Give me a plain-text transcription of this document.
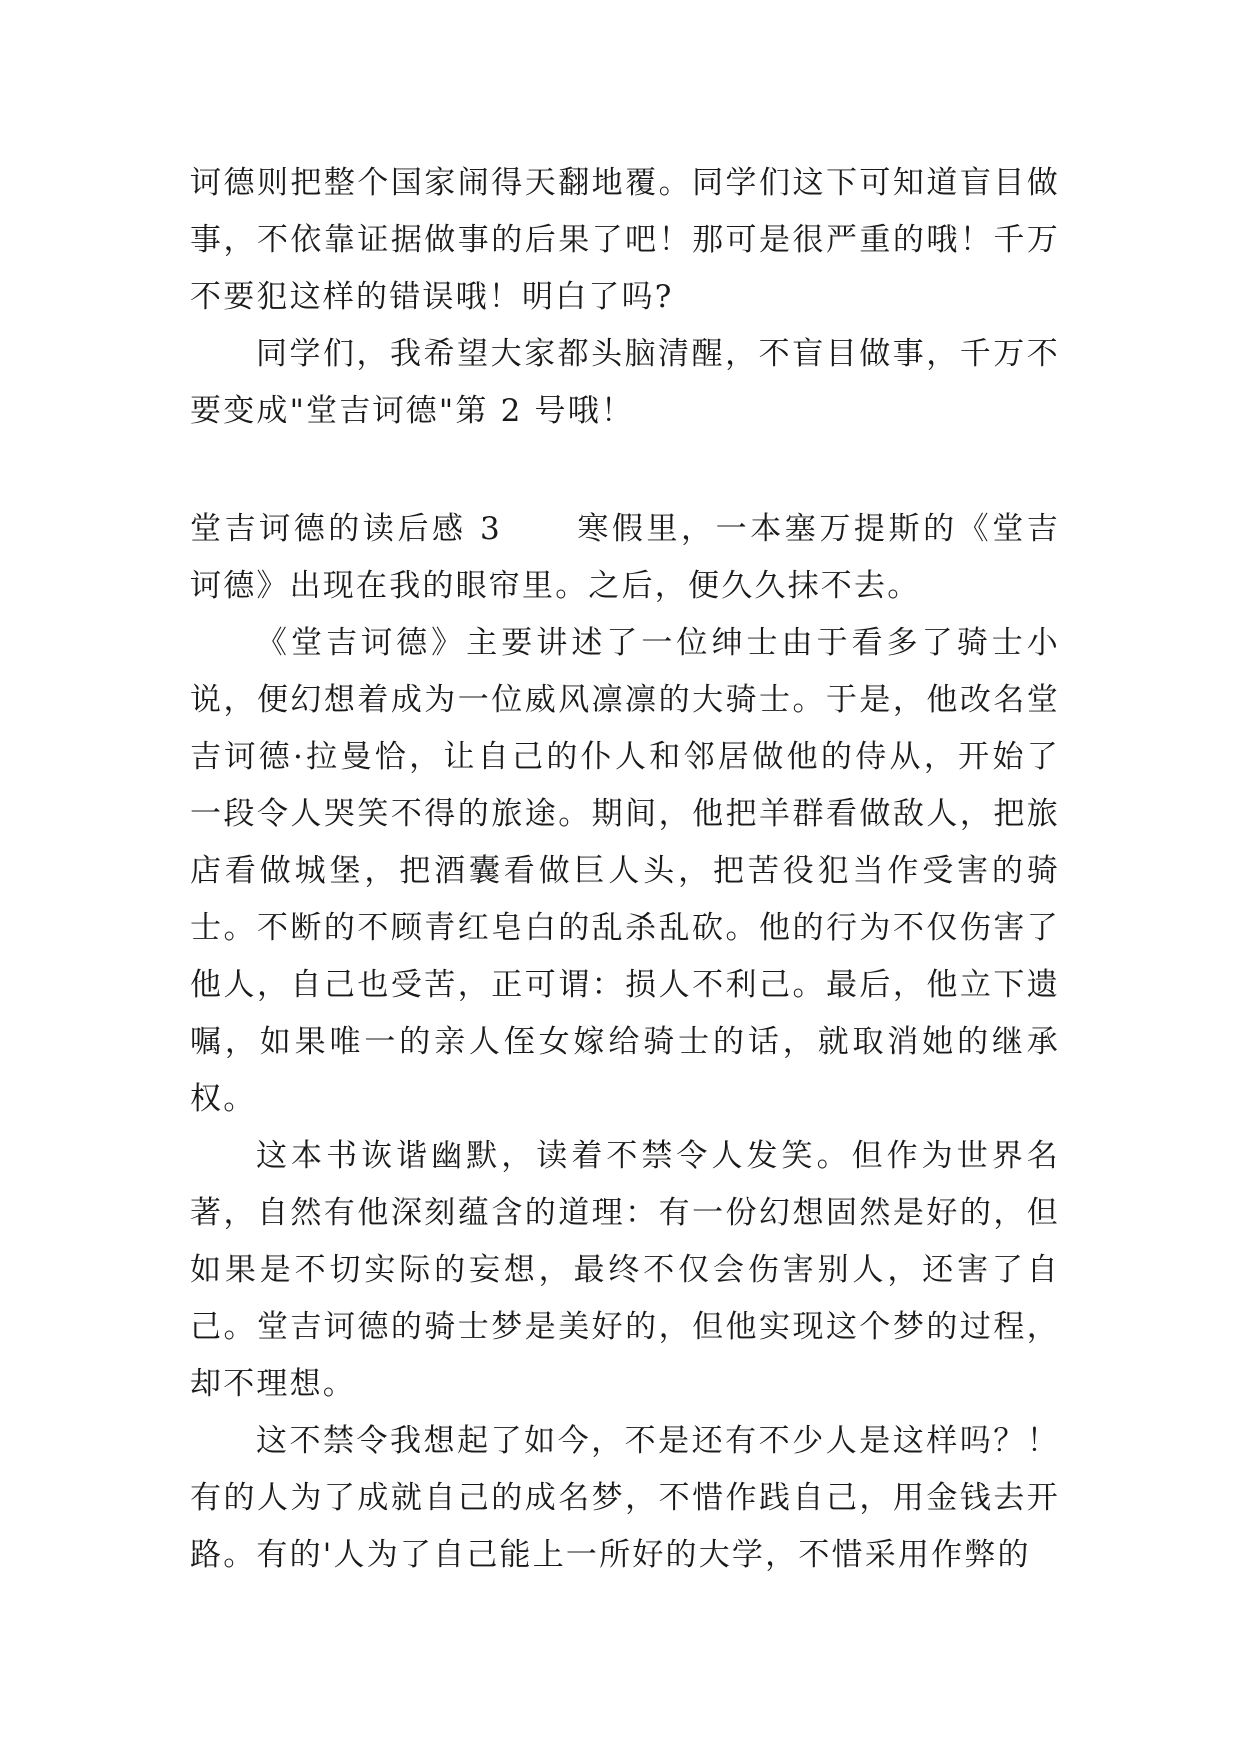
诃德则把整个国家闹得天翻地覆。同学们这下可知道盲目做事，不依靠证据做事的后果了吧！那可是很严重的哦！千万不要犯这样的错误哦！明白了吗?

同学们，我希望大家都头脑清醒，不盲目做事，千万不要变成"堂吉诃德"第 2 号哦！

堂吉诃德的读后感 3 寒假里，一本塞万提斯的《堂吉诃德》出现在我的眼帘里。之后，便久久抹不去。

《堂吉诃德》主要讲述了一位绅士由于看多了骑士小说，便幻想着成为一位威风凛凛的大骑士。于是，他改名堂吉诃德·拉曼恰，让自己的仆人和邻居做他的侍从，开始了一段令人哭笑不得的旅途。期间，他把羊群看做敌人，把旅店看做城堡，把酒囊看做巨人头，把苦役犯当作受害的骑士。不断的不顾青红皂白的乱杀乱砍。他的行为不仅伤害了他人，自己也受苦，正可谓：损人不利己。最后，他立下遗嘱，如果唯一的亲人侄女嫁给骑士的话，就取消她的继承权。

这本书诙谐幽默，读着不禁令人发笑。但作为世界名著，自然有他深刻蕴含的道理：有一份幻想固然是好的，但如果是不切实际的妄想，最终不仅会伤害别人，还害了自己。堂吉诃德的骑士梦是美好的，但他实现这个梦的过程，却不理想。

这不禁令我想起了如今，不是还有不少人是这样吗？！有的人为了成就自己的成名梦，不惜作践自己，用金钱去开路。有的'人为了自己能上一所好的大学，不惜采用作弊的
